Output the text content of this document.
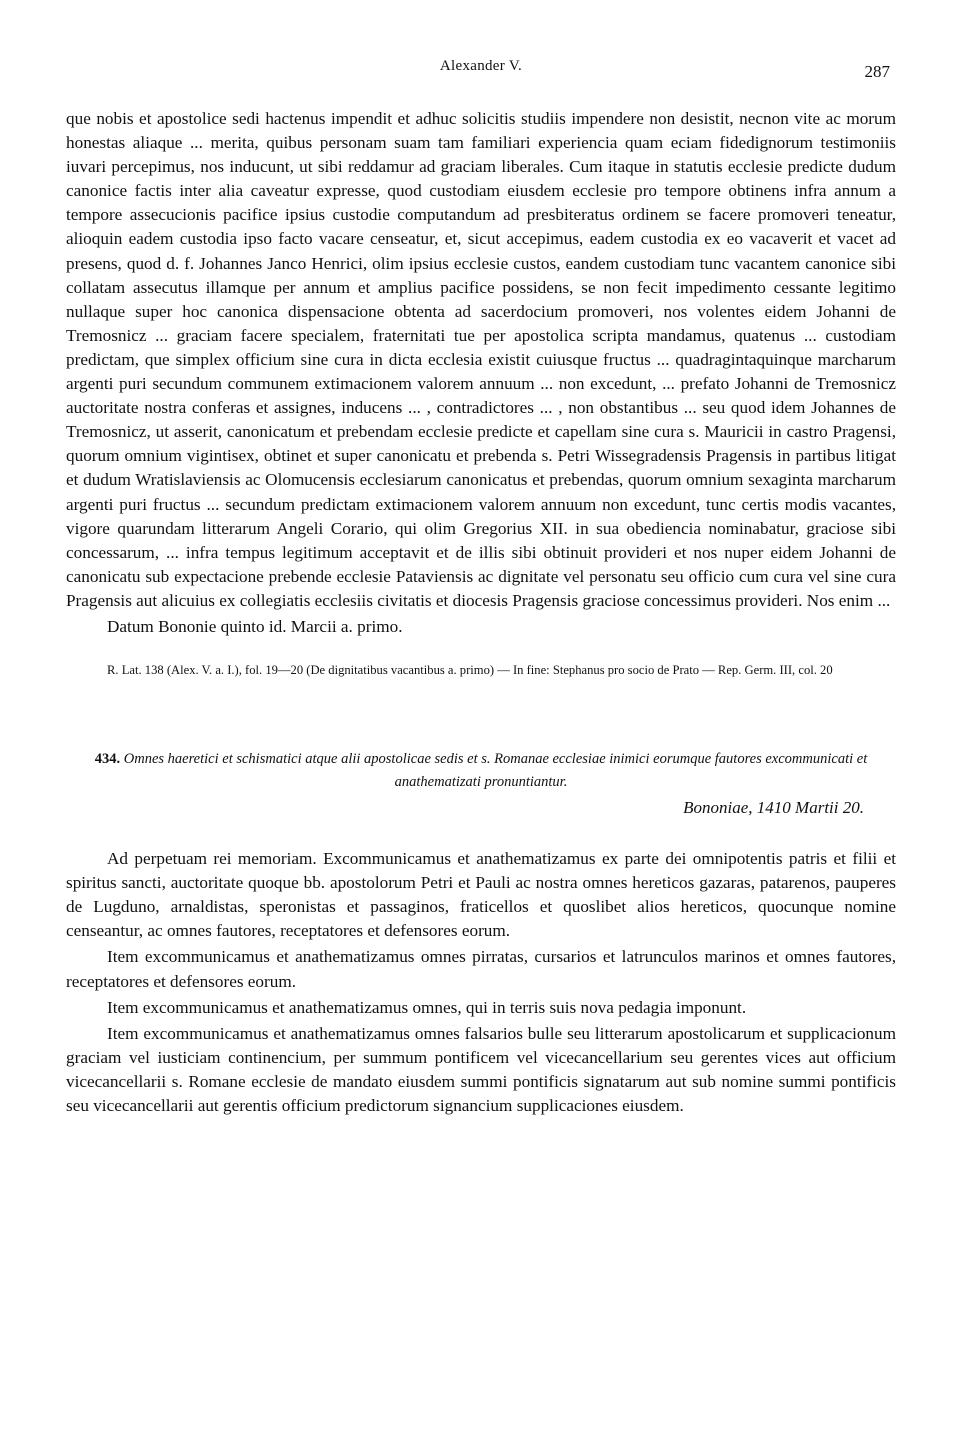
Alexander V.	287

que nobis et apostolice sedi hactenus impendit et adhuc solicitis studiis impendere non desistit, necnon vite ac morum honestas aliaque ... merita, quibus personam suam tam familiari experiencia quam eciam fidedignorum testimoniis iuvari percepimus, nos inducunt, ut sibi reddamur ad graciam liberales. Cum itaque in statutis ecclesie predicte dudum canonice factis inter alia caveatur expresse, quod custodiam eiusdem ecclesie pro tempore obtinens infra annum a tempore assecucionis pacifice ipsius custodie computandum ad presbiteratus ordinem se facere promoveri teneatur, alioquin eadem custodia ipso facto vacare censeatur, et, sicut accepimus, eadem custodia ex eo vacaverit et vacet ad presens, quod d. f. Johannes Janco Henrici, olim ipsius ecclesie custos, eandem custodiam tunc vacantem canonice sibi collatam assecutus illamque per annum et amplius pacifice possidens, se non fecit impedimento cessante legitimo nullaque super hoc canonica dispensacione obtenta ad sacerdocium promoveri, nos volentes eidem Johanni de Tremosnicz ... graciam facere specialem, fraternitati tue per apostolica scripta mandamus, quatenus ... custodiam predictam, que simplex officium sine cura in dicta ecclesia existit cuiusque fructus ... quadragintaquinque marcharum argenti puri secundum communem extimacionem valorem annuum ... non excedunt, ... prefato Johanni de Tremosnicz auctoritate nostra conferas et assignes, inducens ... , contradictores ... , non obstantibus ... seu quod idem Johannes de Tremosnicz, ut asserit, canonicatum et prebendam ecclesie predicte et capellam sine cura s. Mauricii in castro Pragensi, quorum omnium vigintisex, obtinet et super canonicatu et prebenda s. Petri Wissegradensis Pragensis in partibus litigat et dudum Wratislaviensis ac Olomucensis ecclesiarum canonicatus et prebendas, quorum omnium sexaginta marcharum argenti puri fructus ... secundum predictam extimacionem valorem annuum non excedunt, tunc certis modis vacantes, vigore quarundam litterarum Angeli Corario, qui olim Gregorius XII. in sua obediencia nominabatur, graciose sibi concessarum, ... infra tempus legitimum acceptavit et de illis sibi obtinuit provideri et nos nuper eidem Johanni de canonicatu sub expectacione prebende ecclesie Pataviensis ac dignitate vel personatu seu officio cum cura vel sine cura Pragensis aut alicuius ex collegiatis ecclesiis civitatis et diocesis Pragensis graciose concessimus provideri. Nos enim ...

Datum Bononie quinto id. Marcii a. primo.

R. Lat. 138 (Alex. V. a. I.), fol. 19—20 (De dignitatibus vacantibus a. primo) — In fine: Stephanus pro socio de Prato — Rep. Germ. III, col. 20

434. Omnes haeretici et schismatici atque alii apostolicae sedis et s. Romanae ecclesiae inimici eorumque fautores excommunicati et anathematizati pronuntiantur.
Bononiae, 1410 Martii 20.

Ad perpetuam rei memoriam. Excommunicamus et anathematizamus ex parte dei omnipotentis patris et filii et spiritus sancti, auctoritate quoque bb. apostolorum Petri et Pauli ac nostra omnes hereticos gazaras, patarenos, pauperes de Lugduno, arnaldistas, speronistas et passaginos, fraticellos et quoslibet alios hereticos, quocunque nomine censeantur, ac omnes fautores, receptatores et defensores eorum.

Item excommunicamus et anathematizamus omnes pirratas, cursarios et latrunculos marinos et omnes fautores, receptatores et defensores eorum.

Item excommunicamus et anathematizamus omnes, qui in terris suis nova pedagia imponunt.

Item excommunicamus et anathematizamus omnes falsarios bulle seu litterarum apostolicarum et supplicacionum graciam vel iusticiam continencium, per summum pontificem vel vicecancellarium seu gerentes vices aut officium vicecancellarii s. Romane ecclesie de mandato eiusdem summi pontificis signatarum aut sub nomine summi pontificis seu vicecancellarii aut gerentis officium predictorum signancium supplicaciones eiusdem.
